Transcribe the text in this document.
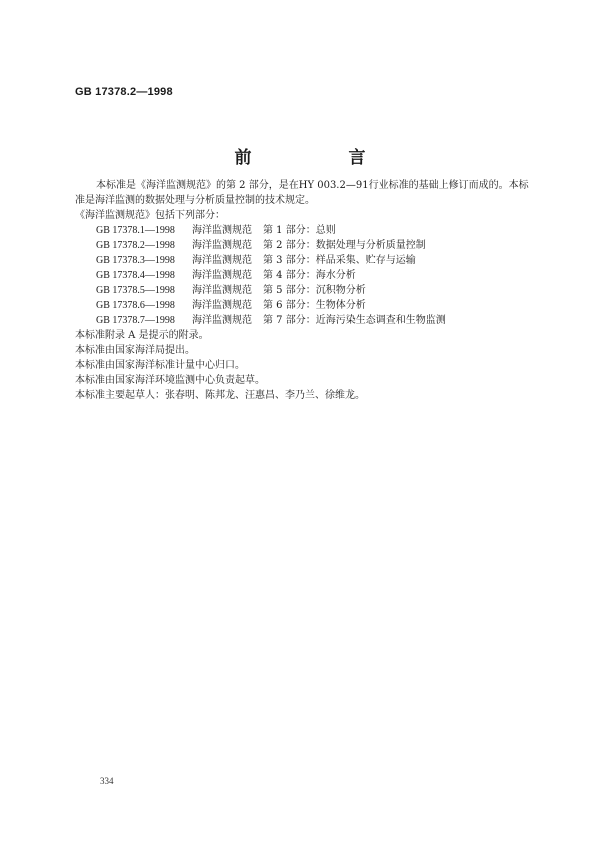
GB 17378.2—1998
前　言

本标准是《海洋监测规范》的第 2 部分，是在HY 003.2—91行业标准的基础上修订而成的。本标准是海洋监测的数据处理与分析质量控制的技术规定。

《海洋监测规范》包括下列部分：

GB 17378.1—1998	海洋监测规范	第 1 部分：总则
GB 17378.2—1998	海洋监测规范	第 2 部分：数据处理与分析质量控制
GB 17378.3—1998	海洋监测规范	第 3 部分：样品采集、贮存与运输
GB 17378.4—1998	海洋监测规范	第 4 部分：海水分析
GB 17378.5—1998	海洋监测规范	第 5 部分：沉积物分析
GB 17378.6—1998	海洋监测规范	第 6 部分：生物体分析
GB 17378.7—1998	海洋监测规范	第 7 部分：近海污染生态调查和生物监测

本标准附录 A 是提示的附录。

本标准由国家海洋局提出。

本标准由国家海洋标准计量中心归口。

本标准由国家海洋环境监测中心负责起草。

本标准主要起草人：张春明、陈邦龙、汪惠昌、李乃兰、徐维龙。

334
